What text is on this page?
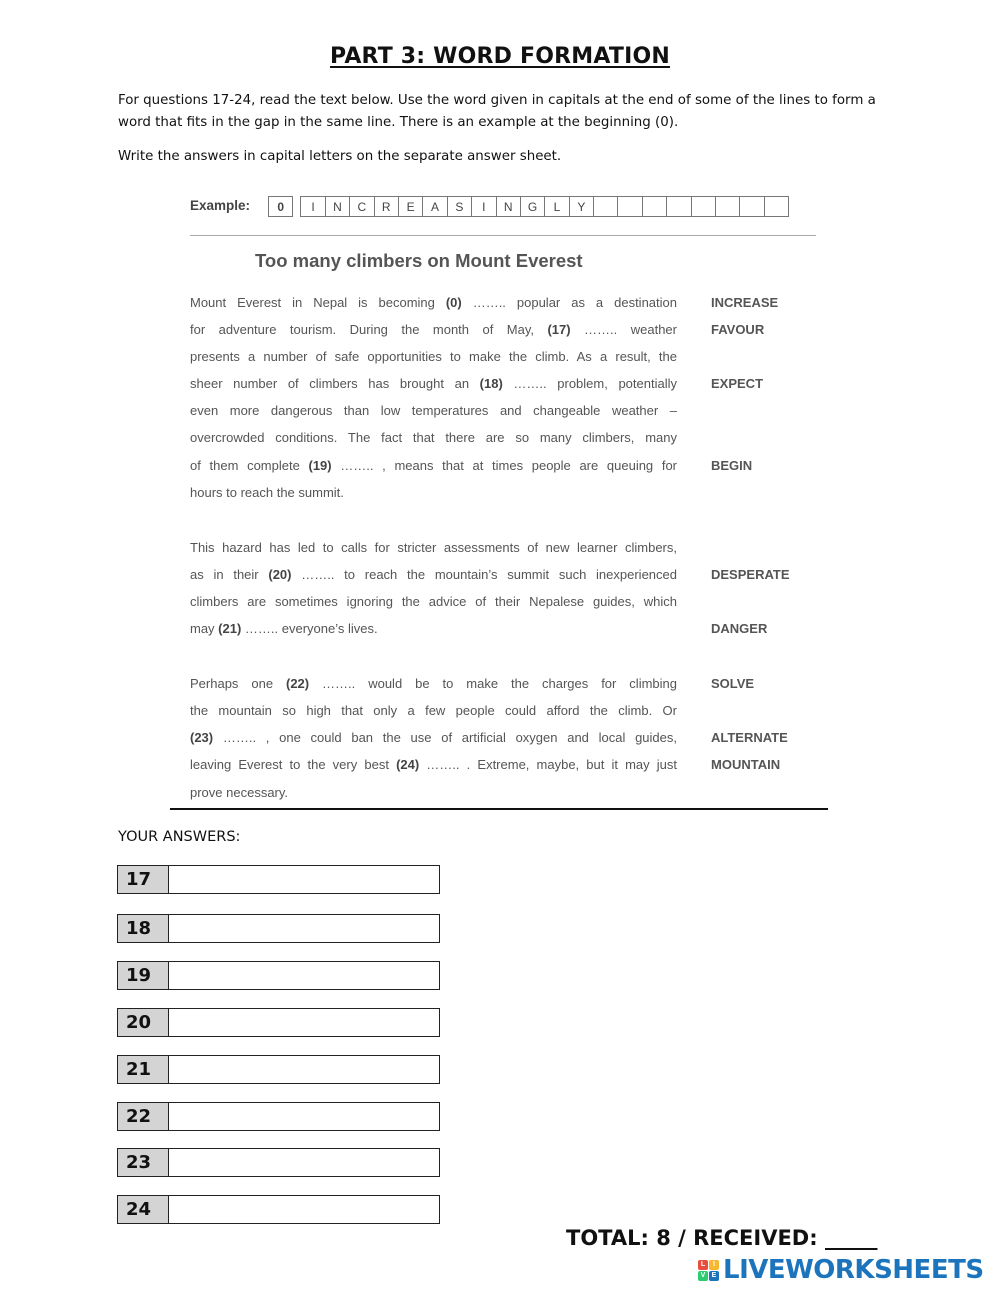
PART 3: WORD FORMATION
For questions 17-24, read the text below. Use the word given in capitals at the end of some of the lines to form a word that fits in the gap in the same line. There is an example at the beginning (0).
Write the answers in capital letters on the separate answer sheet.
Example:	0	I	N	C	R	E	A	S	I	N	G	L	Y
Too many climbers on Mount Everest
Mount Everest in Nepal is becoming (0) …….. popular as a destination
for adventure tourism. During the month of May, (17) …….. weather
presents a number of safe opportunities to make the climb. As a result, the
sheer number of climbers has brought an (18) …….. problem, potentially
even more dangerous than low temperatures and changeable weather –
overcrowded conditions. The fact that there are so many climbers, many
of them complete (19) …….. , means that at times people are queuing for
hours to reach the summit.
This hazard has led to calls for stricter assessments of new learner climbers,
as in their (20) …….. to reach the mountain’s summit such inexperienced
climbers are sometimes ignoring the advice of their Nepalese guides, which
may (21) …….. everyone’s lives.
Perhaps one (22) …….. would be to make the charges for climbing
the mountain so high that only a few people could afford the climb. Or
(23) …….. , one could ban the use of artificial oxygen and local guides,
leaving Everest to the very best (24) …….. . Extreme, maybe, but it may just
prove necessary.
INCREASE
FAVOUR
EXPECT
BEGIN
DESPERATE
DANGER
SOLVE
ALTERNATE
MOUNTAIN
YOUR ANSWERS:
17
18
19
20
21
22
23
24
TOTAL: 8 / RECEIVED: _____
L	I
V E LIVEWORKSHEETS
